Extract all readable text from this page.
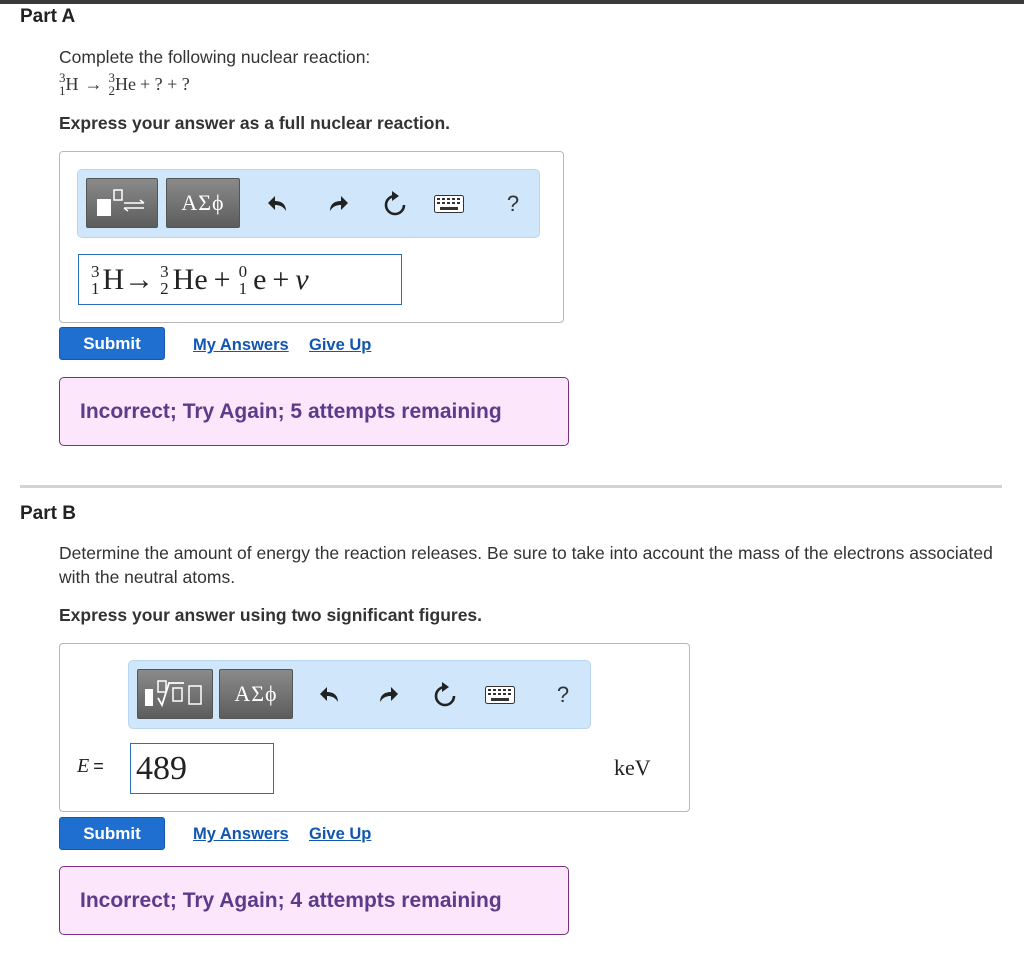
Part A
Complete the following nuclear reaction:
3
1 H → 3
2 He + ? + ?
Express your answer as a full nuclear reaction.
ΑΣϕ	?
3
1 H → 3
2 He + 0
1 e + ν
Submit	My Answers Give Up
Incorrect; Try Again; 5 attempts remaining
Part B
Determine the amount of energy the reaction releases. Be sure to take into account the mass of the electrons associated with the neutral atoms.
Express your answer using two significant figures.
ΑΣϕ	?
E = 489	keV
Submit	My Answers Give Up
Incorrect; Try Again; 4 attempts remaining
